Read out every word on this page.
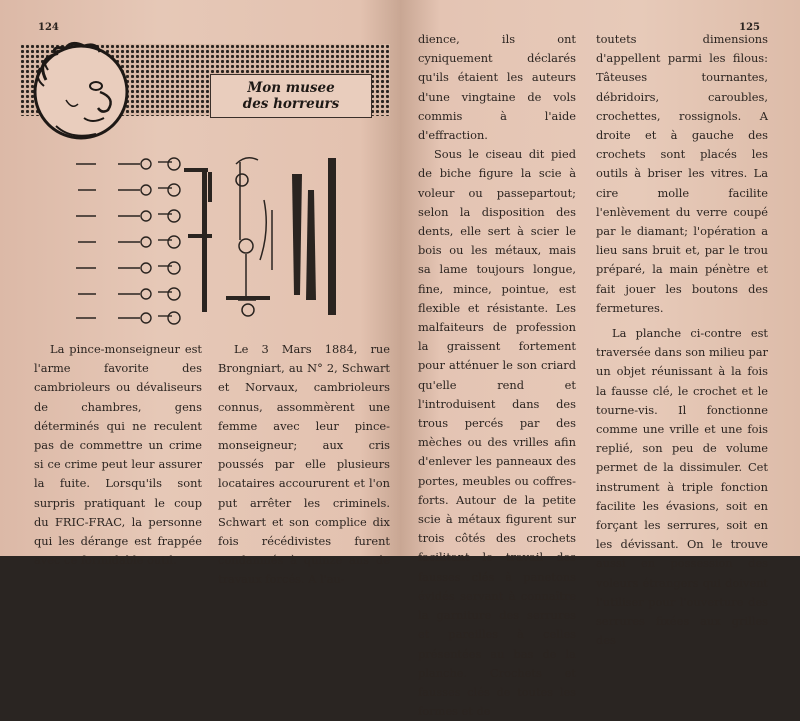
124
Mon musee
des horreurs

La pince-monseigneur est l'arme favorite des cambrioleurs ou dévaliseurs de chambres, gens déterminés qui ne reculent pas de commettre un crime si ce crime peut leur assurer la fuite. Lorsqu'ils sont surpris pratiquant le coup du FRIC-FRAC, la personne qui les dérange est frappée avec ce formidable outil.

Le 3 Mars 1884, rue Brongniart, au N° 2, Schwart et Norvaux, cambrioleurs connus, assommèrent une femme avec leur pince-monseigneur; aux cris poussés par elle plusieurs locataires accoururent et l'on put arrêter les criminels. Schwart et son complice dix fois récédivistes furent condamnés à quinze ans de travaux forcés. A l'au-

125

dience, ils ont cyniquement déclarés qu'ils étaient les auteurs d'une vingtaine de vols commis à l'aide d'effraction.

Sous le ciseau dit pied de biche figure la scie à voleur ou passepartout; selon la disposition des dents, elle sert à scier le bois ou les métaux, mais sa lame toujours longue, fine, mince, pointue, est flexible et résistante. Les malfaiteurs de profession la graissent fortement pour atténuer le son criard qu'elle rend et l'introduisent dans des trous percés par des mèches ou des vrilles afin d'enlever les panneaux des portes, meubles ou coffres-forts. Autour de la petite scie à métaux figurent sur trois côtés des crochets facilitant le travail des fausses clés à panetons évidés servant à connaître la garniture des serrures et pareilles à celles présentées au bas de la planche. Crochets et fausses clés de toutes les formes et de

toutets dimensions d'appellent parmi les filous: Tâteuses tournantes, débridoirs, caroubles, crochettes, rossignols. A droite et à gauche des crochets sont placés les outils à briser les vitres. La cire molle facilite l'enlèvement du verre coupé par le diamant; l'opération a lieu sans bruit et, par le trou préparé, la main pénètre et fait jouer les boutons des fermetures.

La planche ci-contre est traversée dans son milieu par un objet réunissant à la fois la fausse clé, le crochet et le tourne-vis. Il fonctionne comme une vrille et une fois replié, son peu de volume permet de la dissimuler. Cet instrument à triple fonction facilite les évasions, soit en forçant les serrures, soit en les dévissant. On le trouve aussi en possession des voleurs étrangers qui doivent l'utiliser pour l'ouverture des serrures fixées aux grilles des
